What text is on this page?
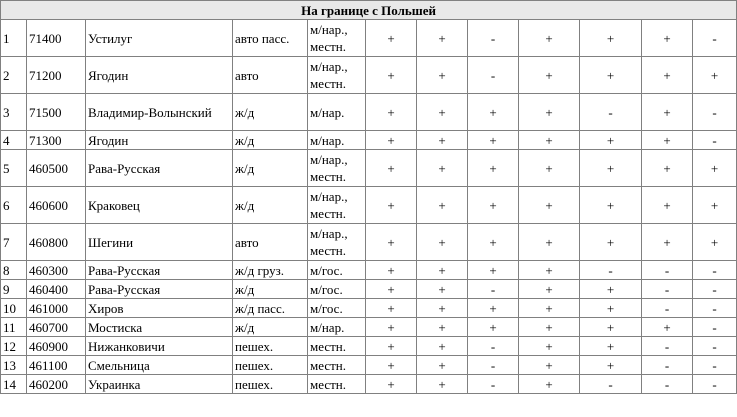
На границе с Польшей											
1	71400	Устилуг	авто пасс.	м/нар., местн.	+	+	-	+	+	+	-
2	71200	Ягодин	авто	м/нар., местн.	+	+	-	+	+	+	+
3	71500	Владимир-Волынский	ж/д	м/нар.	+	+	+	+	-	+	-
4	71300	Ягодин	ж/д	м/нар.	+	+	+	+	+	+	-
5	460500	Рава-Русская	ж/д	м/нар., местн.	+	+	+	+	+	+	+
6	460600	Краковец	ж/д	м/нар., местн.	+	+	+	+	+	+	+
7	460800	Шегини	авто	м/нар., местн.	+	+	+	+	+	+	+
8	460300	Рава-Русская	ж/д груз.	м/гос.	+	+	+	+	-	-	-
9	460400	Рава-Русская	ж/д	м/гос.	+	+	-	+	+	-	-
10	461000	Хиров	ж/д пасс.	м/гос.	+	+	+	+	+	-	-
11	460700	Мостиска	ж/д	м/нар.	+	+	+	+	+	+	-
12	460900	Нижанковичи	пешех.	местн.	+	+	-	+	+	-	-
13	461100	Смельница	пешех.	местн.	+	+	-	+	+	-	-
14	460200	Украинка	пешех.	местн.	+	+	-	+	-	-	-
